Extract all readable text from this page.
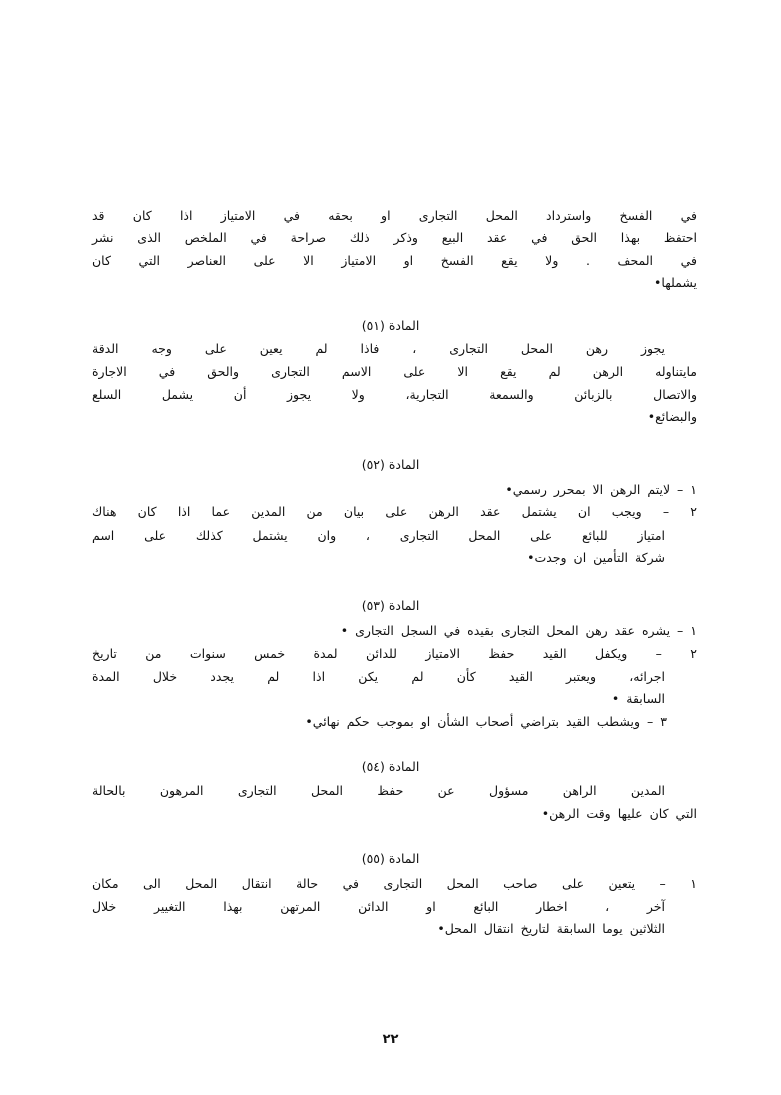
في الفسخ واسترداد المحل التجارى او بحقه في الامتياز اذا كان قد
احتفظ بهذا الحق في عقد البيع وذكر ذلك صراحة في الملخص الذى نشر
في المحف . ولا يقع الفسخ او الامتياز الا على العناصر التي كان
يشملها•
المادة (٥١)
يجوز رهن المحل التجارى ، فاذا لم يعين على وجه الدقة
مايتناوله الرهن لم يقع الا على الاسم التجارى والحق في الاجارة
والاتصال بالزبائن والسمعة التجارية، ولا يجوز أن يشمل السلع
والبضائع•
المادة (٥٢)
١ – لايتم الرهن الا بمحرر رسمي•
٢ – ويجب ان يشتمل عقد الرهن على بيان من المدين عما اذا كان هناك
امتياز للبائع على المحل التجارى ، وان يشتمل كذلك على اسم
شركة التأمين ان وجدت•
المادة (٥٣)
١ – يشره عقد رهن المحل التجارى بقيده في السجل التجارى •
٢ – ويكفل القيد حفظ الامتياز للدائن لمدة خمس سنوات من تاريخ
اجرائه، ويعتبر القيد كأن لم يكن اذا لم يجدد خلال المدة
السابقة •
٣ – ويشطب القيد بتراضي أصحاب الشأن او بموجب حكم نهائي•
المادة (٥٤)
المدين الراهن مسؤول عن حفظ المحل التجارى المرهون بالحالة
التي كان عليها وقت الرهن•
المادة (٥٥)
١ – يتعين على صاحب المحل التجارى في حالة انتقال المحل الى مكان
آخر ، اخطار البائع او الدائن المرتهن بهذا التغيير خلال
الثلاثين يوما السابقة لتاريخ انتقال المحل•
٢٢
